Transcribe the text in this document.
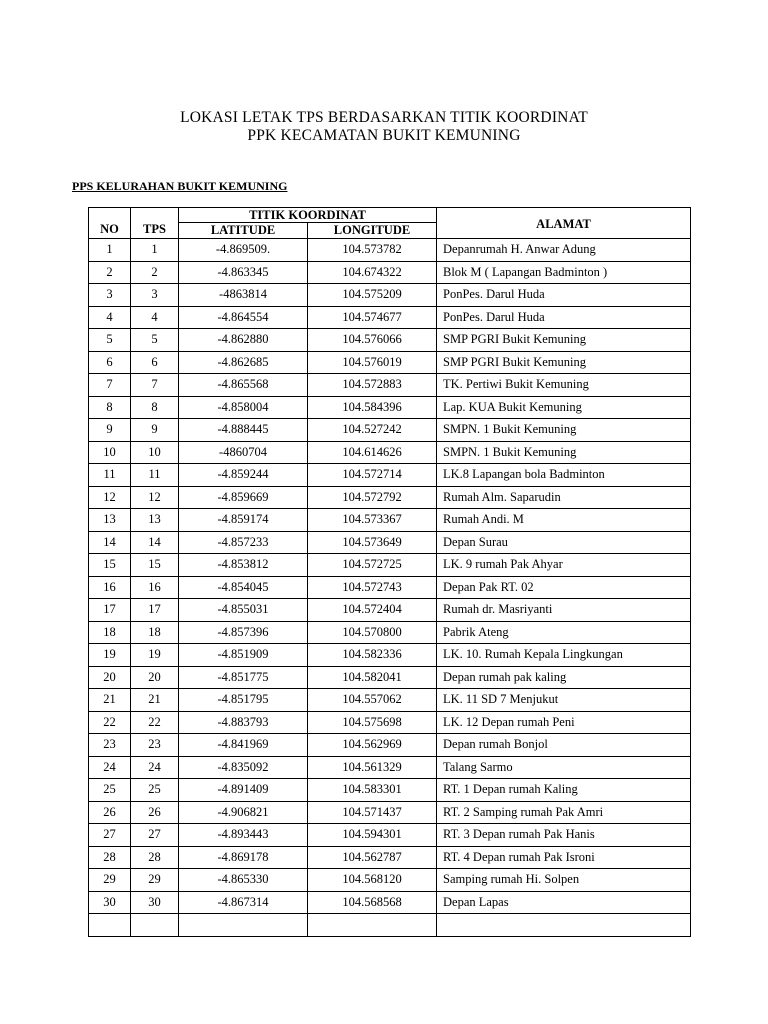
LOKASI LETAK TPS BERDASARKAN TITIK KOORDINAT
PPK KECAMATAN BUKIT KEMUNING
PPS KELURAHAN BUKIT KEMUNING
NO	TPS	TITIK KOORDINAT		ALAMAT
		LATITUDE	LONGITUDE	
1	1	-4.869509.	104.573782	Depanrumah H. Anwar Adung
2	2	-4.863345	104.674322	Blok M ( Lapangan Badminton )
3	3	-4863814	104.575209	PonPes. Darul Huda
4	4	-4.864554	104.574677	PonPes. Darul Huda
5	5	-4.862880	104.576066	SMP PGRI Bukit Kemuning
6	6	-4.862685	104.576019	SMP PGRI Bukit Kemuning
7	7	-4.865568	104.572883	TK. Pertiwi Bukit Kemuning
8	8	-4.858004	104.584396	Lap. KUA Bukit Kemuning
9	9	-4.888445	104.527242	SMPN. 1 Bukit Kemuning
10	10	-4860704	104.614626	SMPN. 1 Bukit Kemuning
11	11	-4.859244	104.572714	LK.8 Lapangan bola Badminton
12	12	-4.859669	104.572792	Rumah Alm. Saparudin
13	13	-4.859174	104.573367	Rumah Andi. M
14	14	-4.857233	104.573649	Depan Surau
15	15	-4.853812	104.572725	LK. 9 rumah Pak Ahyar
16	16	-4.854045	104.572743	Depan Pak RT. 02
17	17	-4.855031	104.572404	Rumah dr. Masriyanti
18	18	-4.857396	104.570800	Pabrik Ateng
19	19	-4.851909	104.582336	LK. 10. Rumah Kepala Lingkungan
20	20	-4.851775	104.582041	Depan rumah pak kaling
21	21	-4.851795	104.557062	LK. 11 SD 7 Menjukut
22	22	-4.883793	104.575698	LK. 12 Depan rumah Peni
23	23	-4.841969	104.562969	Depan rumah Bonjol
24	24	-4.835092	104.561329	Talang Sarmo
25	25	-4.891409	104.583301	RT. 1 Depan rumah Kaling
26	26	-4.906821	104.571437	RT. 2 Samping rumah Pak Amri
27	27	-4.893443	104.594301	RT. 3 Depan rumah Pak Hanis
28	28	-4.869178	104.562787	RT. 4 Depan rumah Pak Isroni
29	29	-4.865330	104.568120	Samping rumah Hi. Solpen
30	30	-4.867314	104.568568	Depan Lapas
